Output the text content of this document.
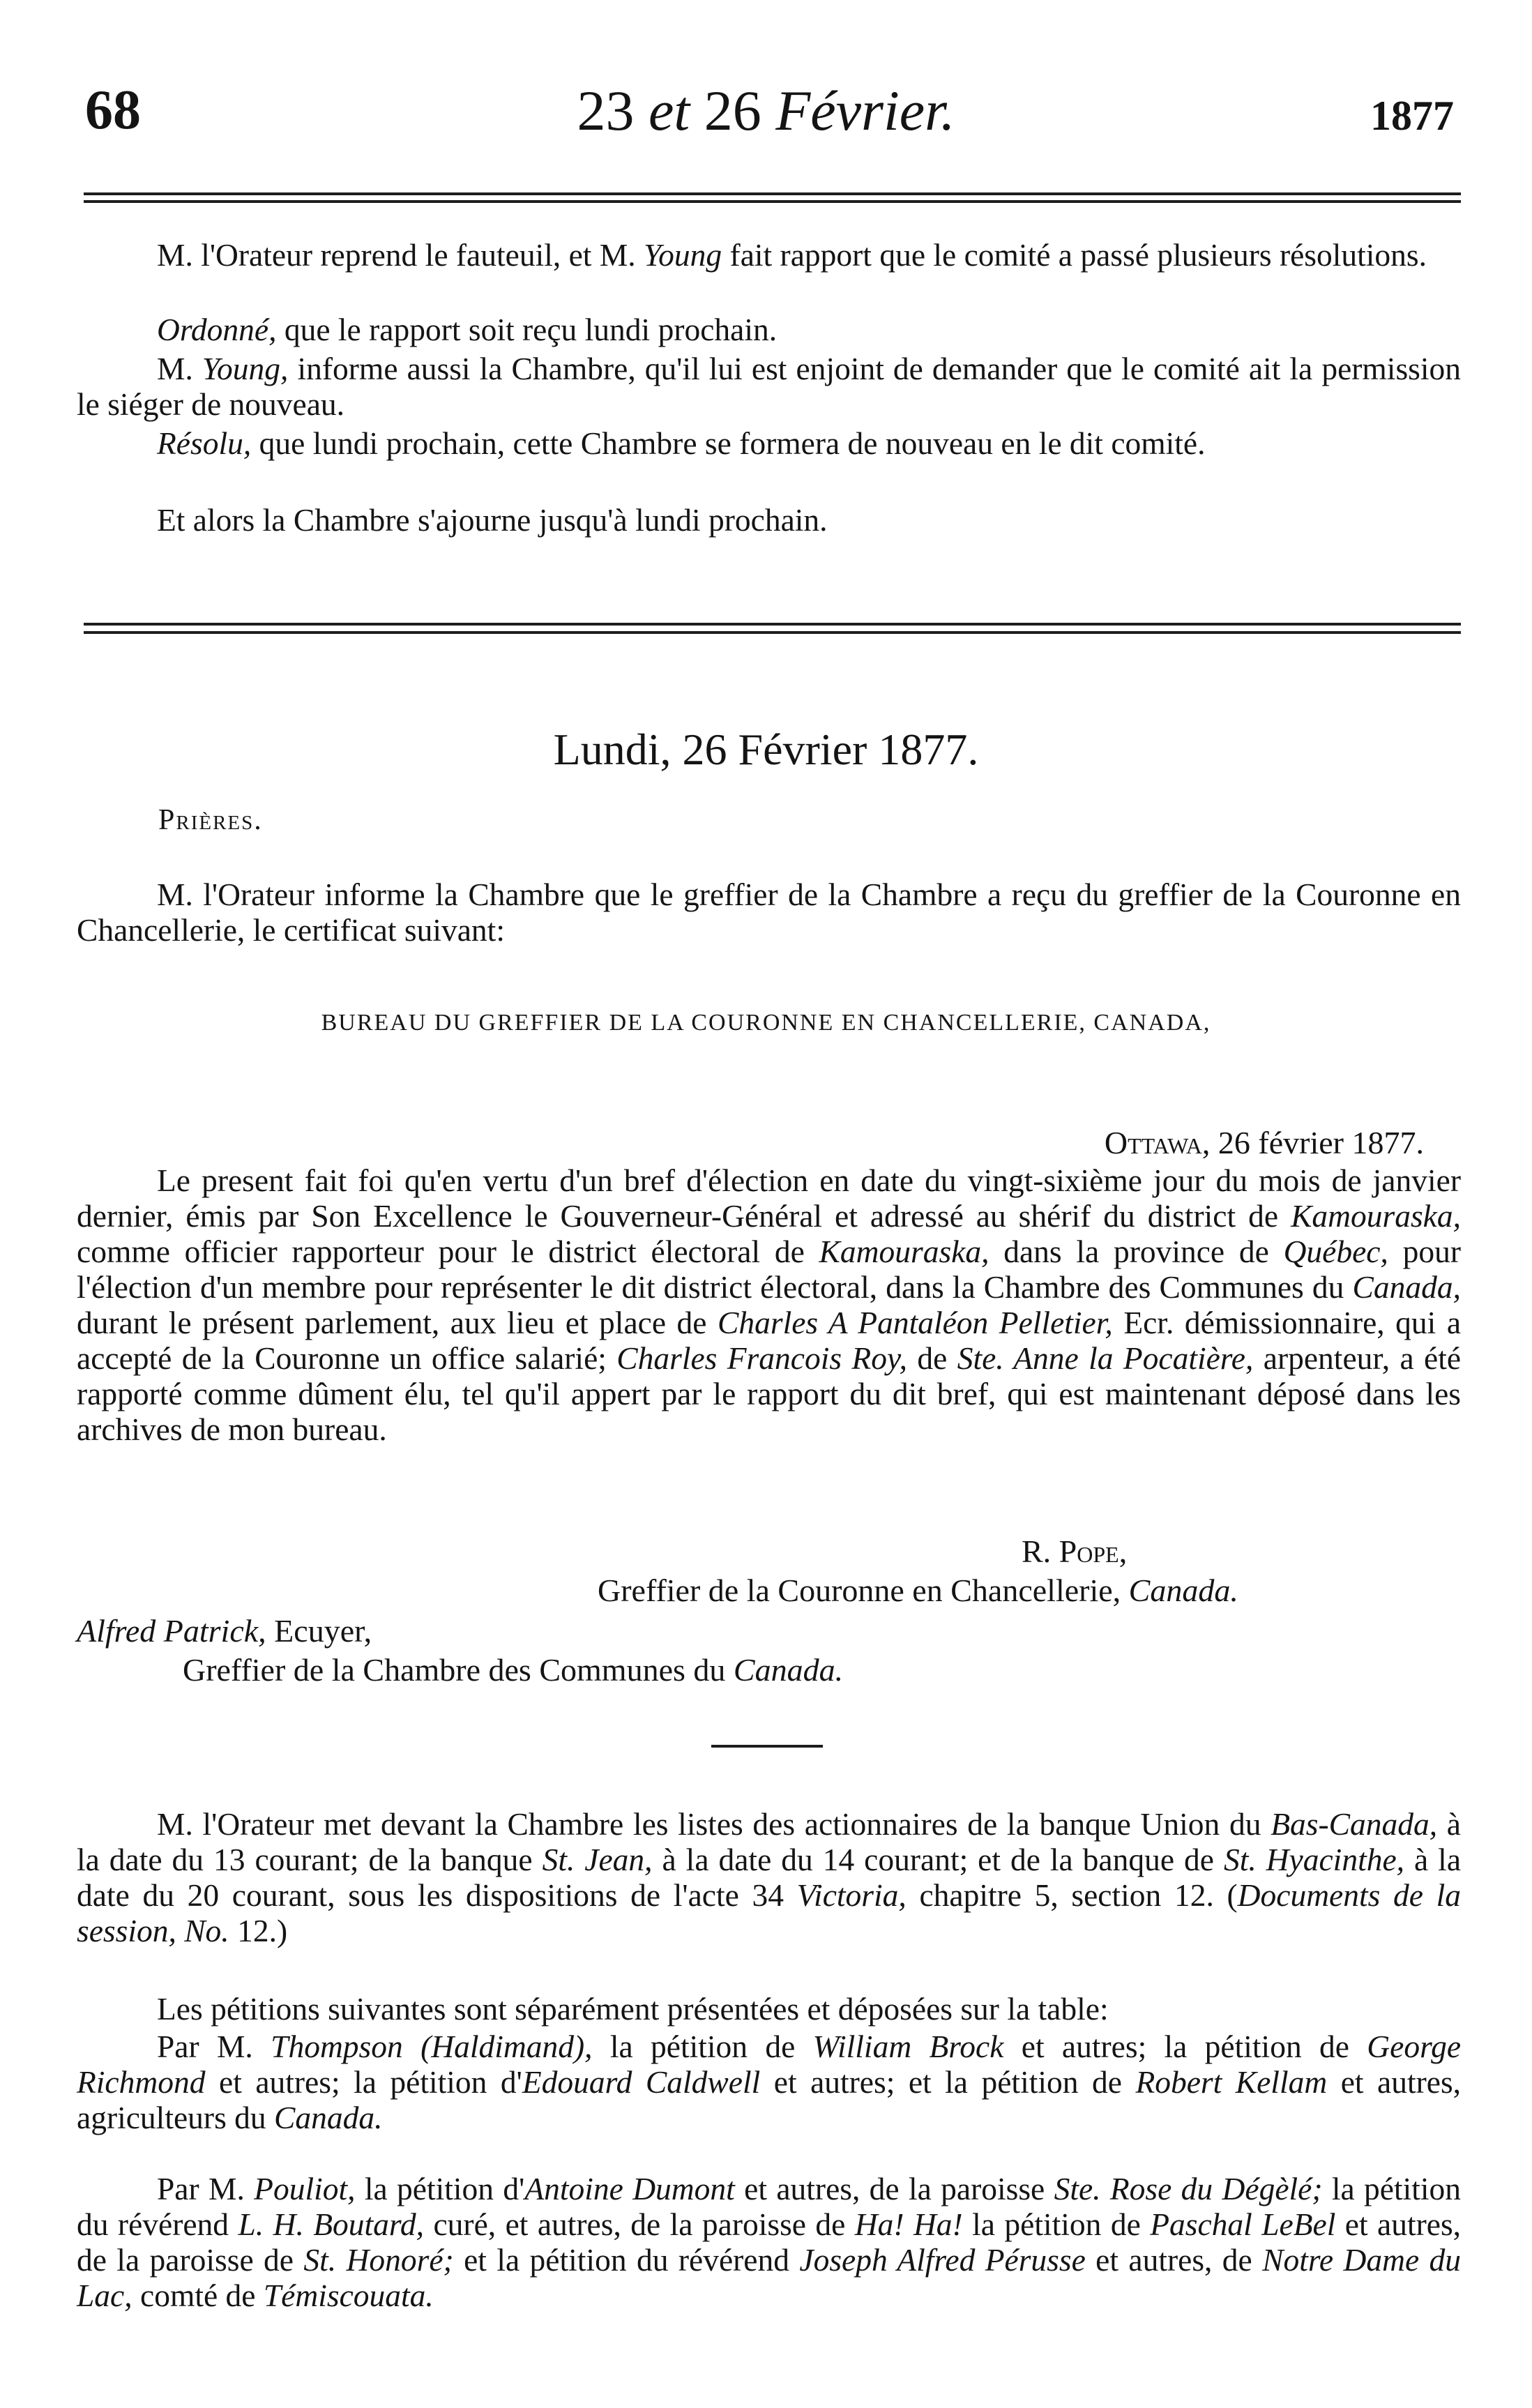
68	23 et 26 Février.	1877

M. l'Orateur reprend le fauteuil, et M. Young fait rapport que le comité a passé plusieurs résolutions.

Ordonné, que le rapport soit reçu lundi prochain.

M. Young, informe aussi la Chambre, qu'il lui est enjoint de demander que le comité ait la permission le siéger de nouveau.

Résolu, que lundi prochain, cette Chambre se formera de nouveau en le dit comité.

Et alors la Chambre s'ajourne jusqu'à lundi prochain.

Lundi, 26 Février 1877.
Prières.

M. l'Orateur informe la Chambre que le greffier de la Chambre a reçu du greffier de la Couronne en Chancellerie, le certificat suivant:

BUREAU DU GREFFIER DE LA COURONNE EN CHANCELLERIE, CANADA,
Ottawa, 26 février 1877.

Le present fait foi qu'en vertu d'un bref d'élection en date du vingt-sixième jour du mois de janvier dernier, émis par Son Excellence le Gouverneur-Général et adressé au shérif du district de Kamouraska, comme officier rapporteur pour le district électoral de Kamouraska, dans la province de Québec, pour l'élection d'un membre pour représenter le dit district électoral, dans la Chambre des Communes du Canada, durant le présent parlement, aux lieu et place de Charles A Pantaléon Pelletier, Ecr. démissionnaire, qui a accepté de la Couronne un office salarié; Charles Francois Roy, de Ste. Anne la Pocatière, arpenteur, a été rapporté comme dûment élu, tel qu'il appert par le rapport du dit bref, qui est maintenant déposé dans les archives de mon bureau.

R. Pope,
Greffier de la Couronne en Chancellerie, Canada.
Alfred Patrick, Ecuyer,
Greffier de la Chambre des Communes du Canada.

M. l'Orateur met devant la Chambre les listes des actionnaires de la banque Union du Bas-Canada, à la date du 13 courant; de la banque St. Jean, à la date du 14 courant; et de la banque de St. Hyacinthe, à la date du 20 courant, sous les dispositions de l'acte 34 Victoria, chapitre 5, section 12. (Documents de la session, No. 12.)

Les pétitions suivantes sont séparément présentées et déposées sur la table:

Par M. Thompson (Haldimand), la pétition de William Brock et autres; la pétition de George Richmond et autres; la pétition d'Edouard Caldwell et autres; et la pétition de Robert Kellam et autres, agriculteurs du Canada.

Par M. Pouliot, la pétition d'Antoine Dumont et autres, de la paroisse Ste. Rose du Dégèlé; la pétition du révérend L. H. Boutard, curé, et autres, de la paroisse de Ha! Ha! la pétition de Paschal LeBel et autres, de la paroisse de St. Honoré; et la pétition du révérend Joseph Alfred Pérusse et autres, de Notre Dame du Lac, comté de Témiscouata.
